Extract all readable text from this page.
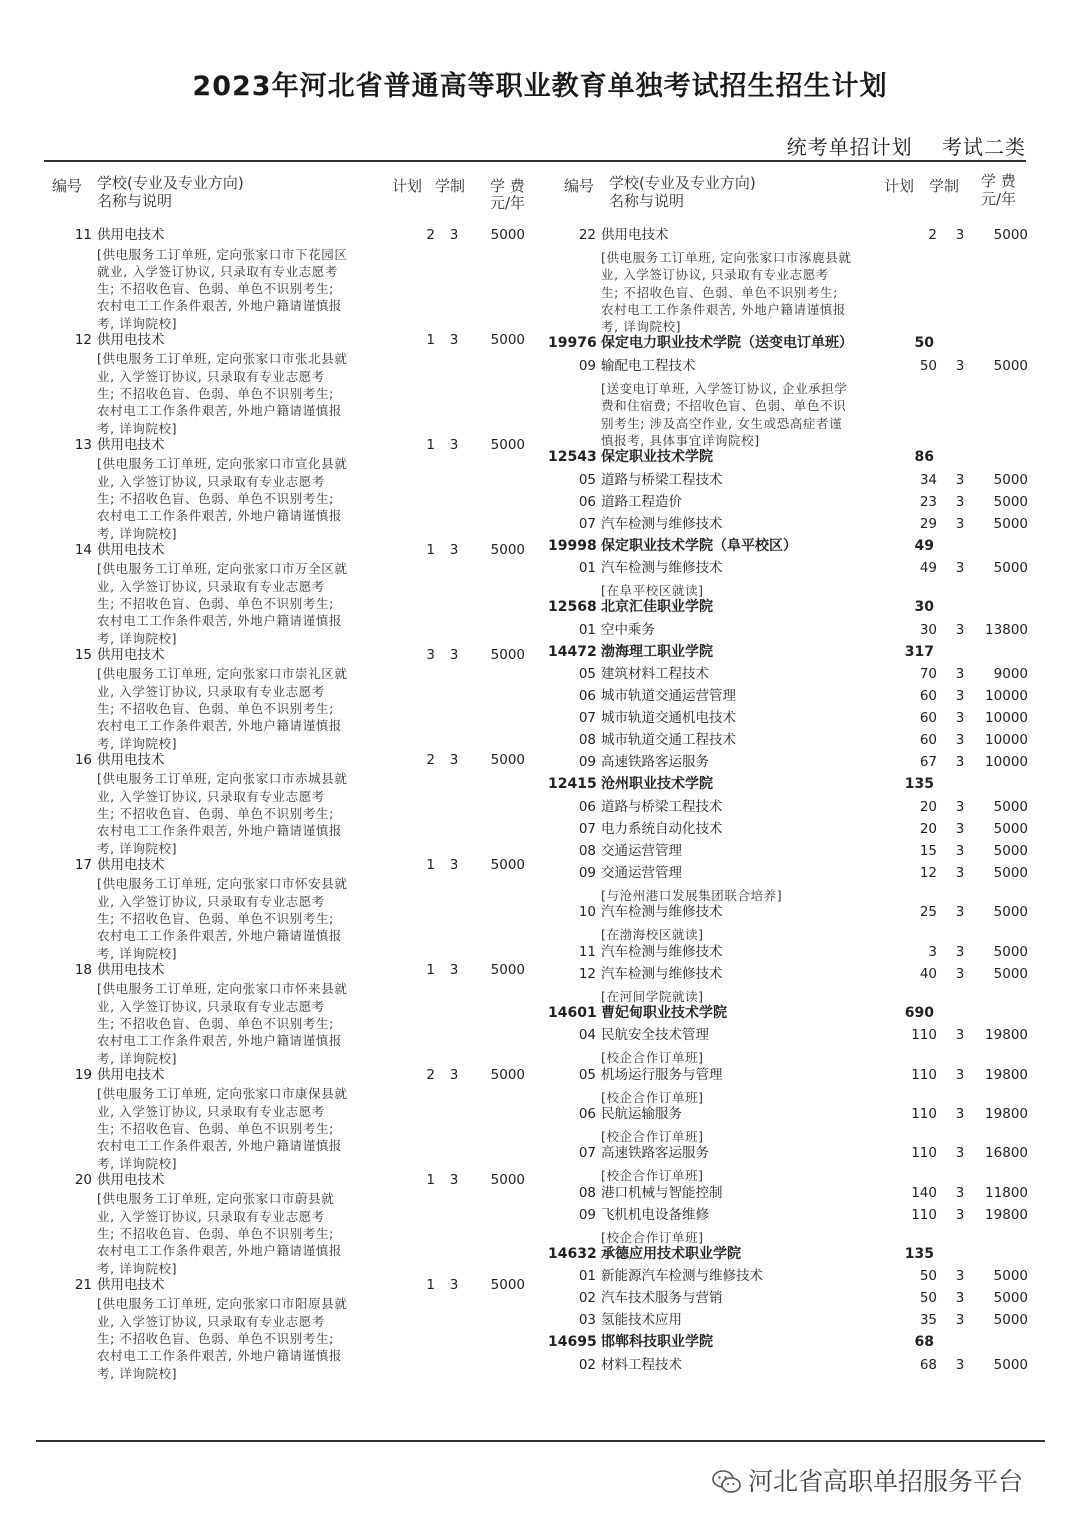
2023年河北省普通高等职业教育单独考试招生招生计划
统考单招计划 考试二类
编号 学校(专业及专业方向)
名称与说明
计划 学制 学 费
元/年
11 供用电技术	2	3	5000
[供电服务工订单班, 定向张家口市下花园区
就业, 入学签订协议, 只录取有专业志愿考
生; 不招收色盲、色弱、单色不识别考生;
农村电工工作条件艰苦, 外地户籍请谨慎报
考, 详询院校]
12 供用电技术	1	3	5000
[供电服务工订单班, 定向张家口市张北县就
业, 入学签订协议, 只录取有专业志愿考
生; 不招收色盲、色弱、单色不识别考生;
农村电工工作条件艰苦, 外地户籍请谨慎报
考, 详询院校]
13 供用电技术	1	3	5000
[供电服务工订单班, 定向张家口市宣化县就
业, 入学签订协议, 只录取有专业志愿考
生; 不招收色盲、色弱、单色不识别考生;
农村电工工作条件艰苦, 外地户籍请谨慎报
考, 详询院校]
14 供用电技术	1	3	5000
[供电服务工订单班, 定向张家口市万全区就
业, 入学签订协议, 只录取有专业志愿考
生; 不招收色盲、色弱、单色不识别考生;
农村电工工作条件艰苦, 外地户籍请谨慎报
考, 详询院校]
15 供用电技术	3	3	5000
[供电服务工订单班, 定向张家口市崇礼区就
业, 入学签订协议, 只录取有专业志愿考
生; 不招收色盲、色弱、单色不识别考生;
农村电工工作条件艰苦, 外地户籍请谨慎报
考, 详询院校]
16 供用电技术	2	3	5000
[供电服务工订单班, 定向张家口市赤城县就
业, 入学签订协议, 只录取有专业志愿考
生; 不招收色盲、色弱、单色不识别考生;
农村电工工作条件艰苦, 外地户籍请谨慎报
考, 详询院校]
17 供用电技术	1	3	5000
[供电服务工订单班, 定向张家口市怀安县就
业, 入学签订协议, 只录取有专业志愿考
生; 不招收色盲、色弱、单色不识别考生;
农村电工工作条件艰苦, 外地户籍请谨慎报
考, 详询院校]
18 供用电技术	1	3	5000
[供电服务工订单班, 定向张家口市怀来县就
业, 入学签订协议, 只录取有专业志愿考
生; 不招收色盲、色弱、单色不识别考生;
农村电工工作条件艰苦, 外地户籍请谨慎报
考, 详询院校]
19 供用电技术	2	3	5000
[供电服务工订单班, 定向张家口市康保县就
业, 入学签订协议, 只录取有专业志愿考
生; 不招收色盲、色弱、单色不识别考生;
农村电工工作条件艰苦, 外地户籍请谨慎报
考, 详询院校]
20 供用电技术	1	3	5000
[供电服务工订单班, 定向张家口市蔚县就
业, 入学签订协议, 只录取有专业志愿考
生; 不招收色盲、色弱、单色不识别考生;
农村电工工作条件艰苦, 外地户籍请谨慎报
考, 详询院校]
21 供用电技术	1	3	5000
[供电服务工订单班, 定向张家口市阳原县就
业, 入学签订协议, 只录取有专业志愿考
生; 不招收色盲、色弱、单色不识别考生;
农村电工工作条件艰苦, 外地户籍请谨慎报
考, 详询院校]
编号 学校(专业及专业方向)
名称与说明
计划 学制 学 费
元/年
22 供用电技术	2	3	5000
[供电服务工订单班, 定向张家口市涿鹿县就
业, 入学签订协议, 只录取有专业志愿考
生; 不招收色盲、色弱、单色不识别考生;
农村电工工作条件艰苦, 外地户籍请谨慎报
考, 详询院校]
19976 保定电力职业技术学院（送变电订单班）	50
09 输配电工程技术	50	3	5000
[送变电订单班, 入学签订协议, 企业承担学
费和住宿费; 不招收色盲、色弱、单色不识
别考生; 涉及高空作业, 女生或恐高症者谨
慎报考, 具体事宜详询院校]
12543 保定职业技术学院	86
05 道路与桥梁工程技术	34	3	5000
06 道路工程造价	23	3	5000
07 汽车检测与维修技术	29	3	5000
19998 保定职业技术学院（阜平校区）	49
01 汽车检测与维修技术	49	3	5000
[在阜平校区就读]
12568 北京汇佳职业学院	30
01 空中乘务	30	3	13800
14472 渤海理工职业学院	317
05 建筑材料工程技术	70	3	9000
06 城市轨道交通运营管理	60	3	10000
07 城市轨道交通机电技术	60	3	10000
08 城市轨道交通工程技术	60	3	10000
09 高速铁路客运服务	67	3	10000
12415 沧州职业技术学院	135
06 道路与桥梁工程技术	20	3	5000
07 电力系统自动化技术	20	3	5000
08 交通运营管理	15	3	5000
09 交通运营管理	12	3	5000
[与沧州港口发展集团联合培养]
10 汽车检测与维修技术	25	3	5000
[在渤海校区就读]
11 汽车检测与维修技术	3	3	5000
12 汽车检测与维修技术	40	3	5000
[在河间学院就读]
14601 曹妃甸职业技术学院	690
04 民航安全技术管理	110	3	19800
[校企合作订单班]
05 机场运行服务与管理	110	3	19800
[校企合作订单班]
06 民航运输服务	110	3	19800
[校企合作订单班]
07 高速铁路客运服务	110	3	16800
[校企合作订单班]
08 港口机械与智能控制	140	3	11800
09 飞机机电设备维修	110	3	19800
[校企合作订单班]
14632 承德应用技术职业学院	135
01 新能源汽车检测与维修技术	50	3	5000
02 汽车技术服务与营销	50	3	5000
03 氢能技术应用	35	3	5000
14695 邯郸科技职业学院	68
02 材料工程技术	68	3	5000
河北省高职单招服务平台
